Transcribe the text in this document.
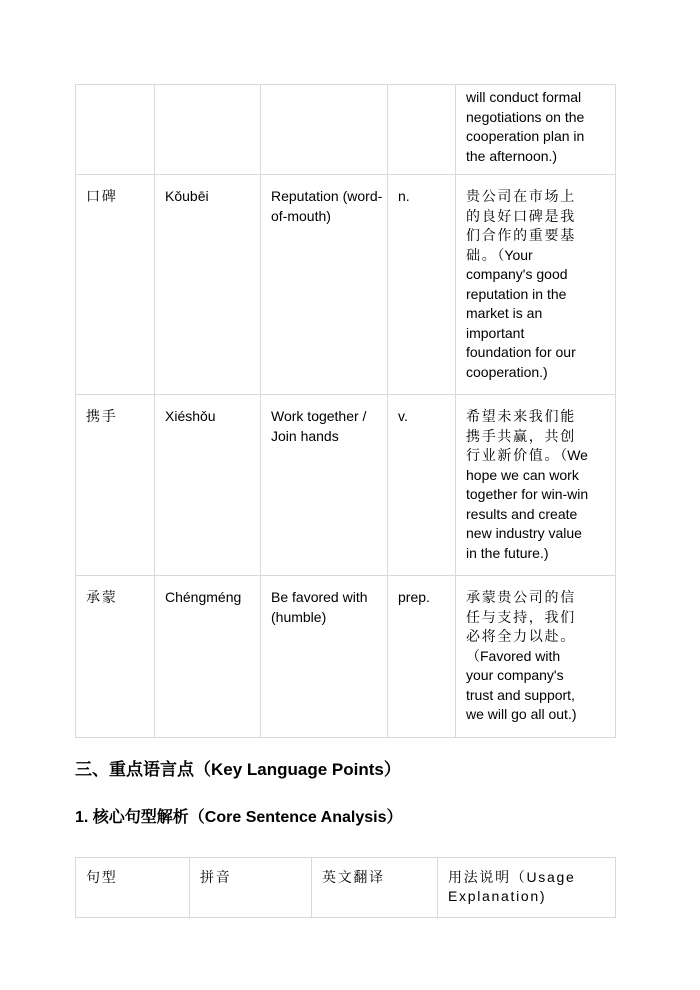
				will conduct formal negotiations on the cooperation plan in the afternoon.)
口碑	Kǒubēi	Reputation (word-of-mouth)	n.	贵公司在市场上的良好口碑是我们合作的重要基础。（Your company's good reputation in the market is an important foundation for our cooperation.)
携手	Xiéshǒu	Work together / Join hands	v.	希望未来我们能携手共赢，共创行业新价值。（We hope we can work together for win-win results and create new industry value in the future.)
承蒙	Chéngméng	Be favored with (humble)	prep.	承蒙贵公司的信任与支持，我们必将全力以赴。（Favored with your company's trust and support, we will go all out.)
三、重点语言点（Key Language Points）
1. 核心句型解析（Core Sentence Analysis）
句型	拼音	英文翻译	用法说明（Usage Explanation)
